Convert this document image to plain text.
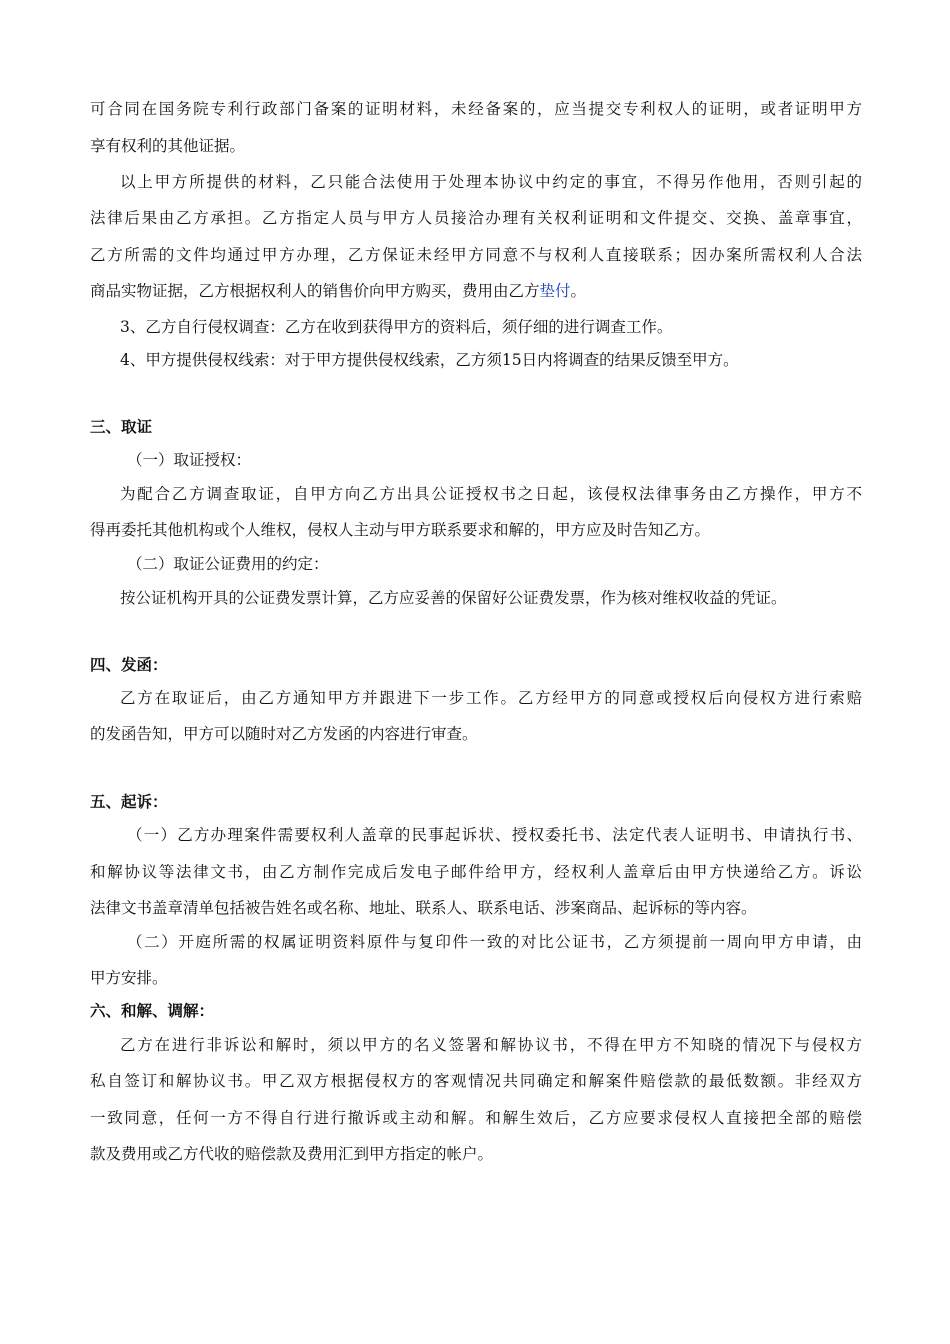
可合同在国务院专利行政部门备案的证明材料，未经备案的，应当提交专利权人的证明，或者证明甲方
享有权利的其他证据。
以上甲方所提供的材料，乙只能合法使用于处理本协议中约定的事宜，不得另作他用，否则引起的
法律后果由乙方承担。乙方指定人员与甲方人员接洽办理有关权利证明和文件提交、交换、盖章事宜，
乙方所需的文件均通过甲方办理，乙方保证未经甲方同意不与权利人直接联系；因办案所需权利人合法
商品实物证据，乙方根据权利人的销售价向甲方购买，费用由乙方垫付。
3、乙方自行侵权调查：乙方在收到获得甲方的资料后，须仔细的进行调查工作。
4、甲方提供侵权线索：对于甲方提供侵权线索，乙方须15日内将调查的结果反馈至甲方。
三、取证
（一）取证授权：
为配合乙方调查取证，自甲方向乙方出具公证授权书之日起，该侵权法律事务由乙方操作，甲方不
得再委托其他机构或个人维权，侵权人主动与甲方联系要求和解的，甲方应及时告知乙方。
（二）取证公证费用的约定：
按公证机构开具的公证费发票计算，乙方应妥善的保留好公证费发票，作为核对维权收益的凭证。
四、发函：
乙方在取证后，由乙方通知甲方并跟进下一步工作。乙方经甲方的同意或授权后向侵权方进行索赔
的发函告知，甲方可以随时对乙方发函的内容进行审查。
五、起诉：
（一）乙方办理案件需要权利人盖章的民事起诉状、授权委托书、法定代表人证明书、申请执行书、
和解协议等法律文书，由乙方制作完成后发电子邮件给甲方，经权利人盖章后由甲方快递给乙方。诉讼
法律文书盖章清单包括被告姓名或名称、地址、联系人、联系电话、涉案商品、起诉标的等内容。
（二）开庭所需的权属证明资料原件与复印件一致的对比公证书，乙方须提前一周向甲方申请，由
甲方安排。
六、和解、调解：
乙方在进行非诉讼和解时，须以甲方的名义签署和解协议书，不得在甲方不知晓的情况下与侵权方
私自签订和解协议书。甲乙双方根据侵权方的客观情况共同确定和解案件赔偿款的最低数额。非经双方
一致同意，任何一方不得自行进行撤诉或主动和解。和解生效后，乙方应要求侵权人直接把全部的赔偿
款及费用或乙方代收的赔偿款及费用汇到甲方指定的帐户。
